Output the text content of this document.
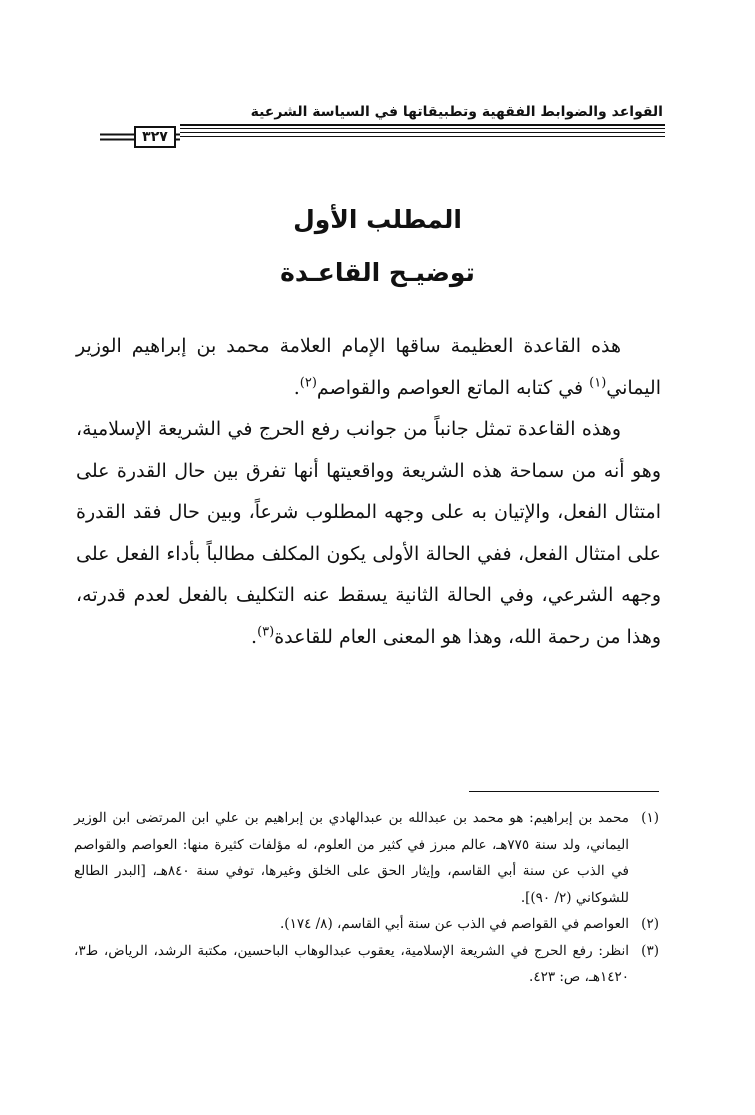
القواعد والضوابط الفقهية وتطبيقاتها في السياسة الشرعية
٣٢٧
المطلب الأول
توضيـح القاعـدة

هذه القاعدة العظيمة ساقها الإمام العلامة محمد بن إبراهيم الوزير اليماني$^{(١)}$ في كتابه الماتع العواصم والقواصم$^{(٢)}$.

وهذه القاعدة تمثل جانباً من جوانب رفع الحرج في الشريعة الإسلامية، وهو أنه من سماحة هذه الشريعة وواقعيتها أنها تفرق بين حال القدرة على امتثال الفعل، والإتيان به على وجهه المطلوب شرعاً، وبين حال فقد القدرة على امتثال الفعل، ففي الحالة الأولى يكون المكلف مطالباً بأداء الفعل على وجهه الشرعي، وفي الحالة الثانية يسقط عنه التكليف بالفعل لعدم قدرته، وهذا من رحمة الله، وهذا هو المعنى العام للقاعدة$^{(٣)}$.

(١)
محمد بن إبراهيم: هو محمد بن عبدالله بن عبدالهادي بن إبراهيم بن علي ابن المرتضى ابن الوزير اليماني، ولد سنة ٧٧٥هـ، عالم مبرز في كثير من العلوم، له مؤلفات كثيرة منها: العواصم والقواصم في الذب عن سنة أبي القاسم، وإيثار الحق على الخلق وغيرها، توفي سنة ٨٤٠هـ، [البدر الطالع للشوكاني (٢/ ٩٠)].
(٢)
العواصم في القواصم في الذب عن سنة أبي القاسم، (٨/ ١٧٤).
(٣)
انظر: رفع الحرج في الشريعة الإسلامية، يعقوب عبدالوهاب الباحسين، مكتبة الرشد، الرياض، ط٣، ١٤٢٠هـ، ص: ٤٢٣.
